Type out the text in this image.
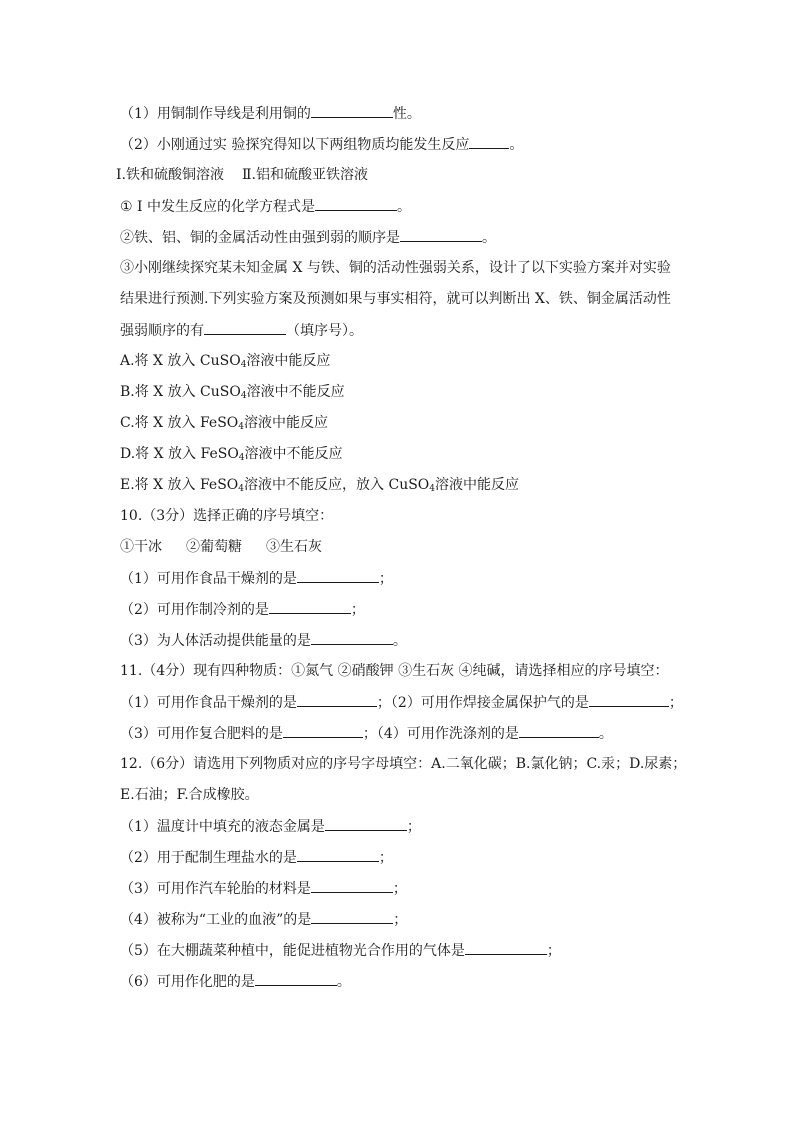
（1）用铜制作导线是利用铜的	性。
（2）小刚通过实 验探究得知以下两组物质均能发生反应	。
Ⅰ.铁和硫酸铜溶液 Ⅱ.铝和硫酸亚铁溶液
① I 中发生反应的化学方程式是	。
②铁、铝、铜的金属活动性由强到弱的顺序是	。
③小刚继续探究某未知金属 X 与铁、铜的活动性强弱关系，设计了以下实验方案并对实验
结果进行预测.下列实验方案及预测如果与事实相符，就可以判断出 X、铁、铜金属活动性
强弱顺序的有	（填序号）。
A.将 X 放入 CuSO$_4$溶液中能反应
B.将 X 放入 CuSO$_4$溶液中不能反应
C.将 X 放入 FeSO$_4$溶液中能反应
D.将 X 放入 FeSO$_4$溶液中不能反应
E.将 X 放入 FeSO$_4$溶液中不能反应，放入 CuSO$_4$溶液中能反应
10.（3分）选择正确的序号填空：
①干冰 ②葡萄糖 ③生石灰
（1）可用作食品干燥剂的是	；
（2）可用作制冷剂的是	；
（3）为人体活动提供能量的是	。
11.（4分）现有四种物质：①氮气 ②硝酸钾 ③生石灰 ④纯碱，请选择相应的序号填空：
（1）可用作食品干燥剂的是	；（2）可用作焊接金属保护气的是	；
（3）可用作复合肥料的是	；（4）可用作洗涤剂的是	。
12.（6分）请选用下列物质对应的序号字母填空：A.二氧化碳；B.氯化钠；C.汞；D.尿素；
E.石油；F.合成橡胶。
（1）温度计中填充的液态金属是	；
（2）用于配制生理盐水的是	；
（3）可用作汽车轮胎的材料是	；
（4）被称为“工业的血液”的是	；
（5）在大棚蔬菜种植中，能促进植物光合作用的气体是	；
（6）可用作化肥的是	。
